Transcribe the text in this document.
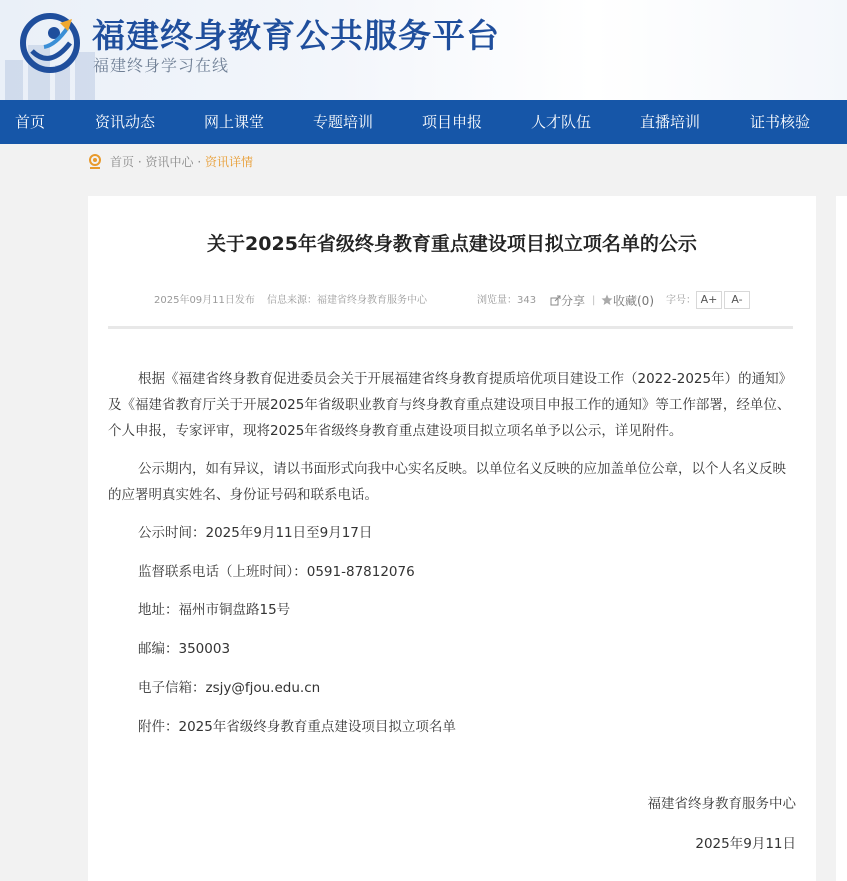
福建终身教育公共服务平台
福建终身学习在线
首页	资讯动态	网上课堂	专题培训	项目申报	人才队伍	直播培训	证书核验
首页 · 资讯中心 · 资讯详情
关于2025年省级终身教育重点建设项目拟立项名单的公示
2025年09月11日发布 信息来源：福建省终身教育服务中心	浏览量：343	分享 |	收藏(0) 字号： A+	A-
根据《福建省终身教育促进委员会关于开展福建省终身教育提质培优项目建设工作（2022-2025年）的通知》及《福建省教育厅关于开展2025年省级职业教育与终身教育重点建设项目申报工作的通知》等工作部署，经单位、个人申报，专家评审，现将2025年省级终身教育重点建设项目拟立项名单予以公示，详见附件。
公示期内，如有异议，请以书面形式向我中心实名反映。以单位名义反映的应加盖单位公章，以个人名义反映的应署明真实姓名、身份证号码和联系电话。
公示时间：2025年9月11日至9月17日
监督联系电话（上班时间）：0591-87812076
地址：福州市铜盘路15号
邮编：350003
电子信箱：zsjy@fjou.edu.cn
附件：2025年省级终身教育重点建设项目拟立项名单
福建省终身教育服务中心
2025年9月11日
